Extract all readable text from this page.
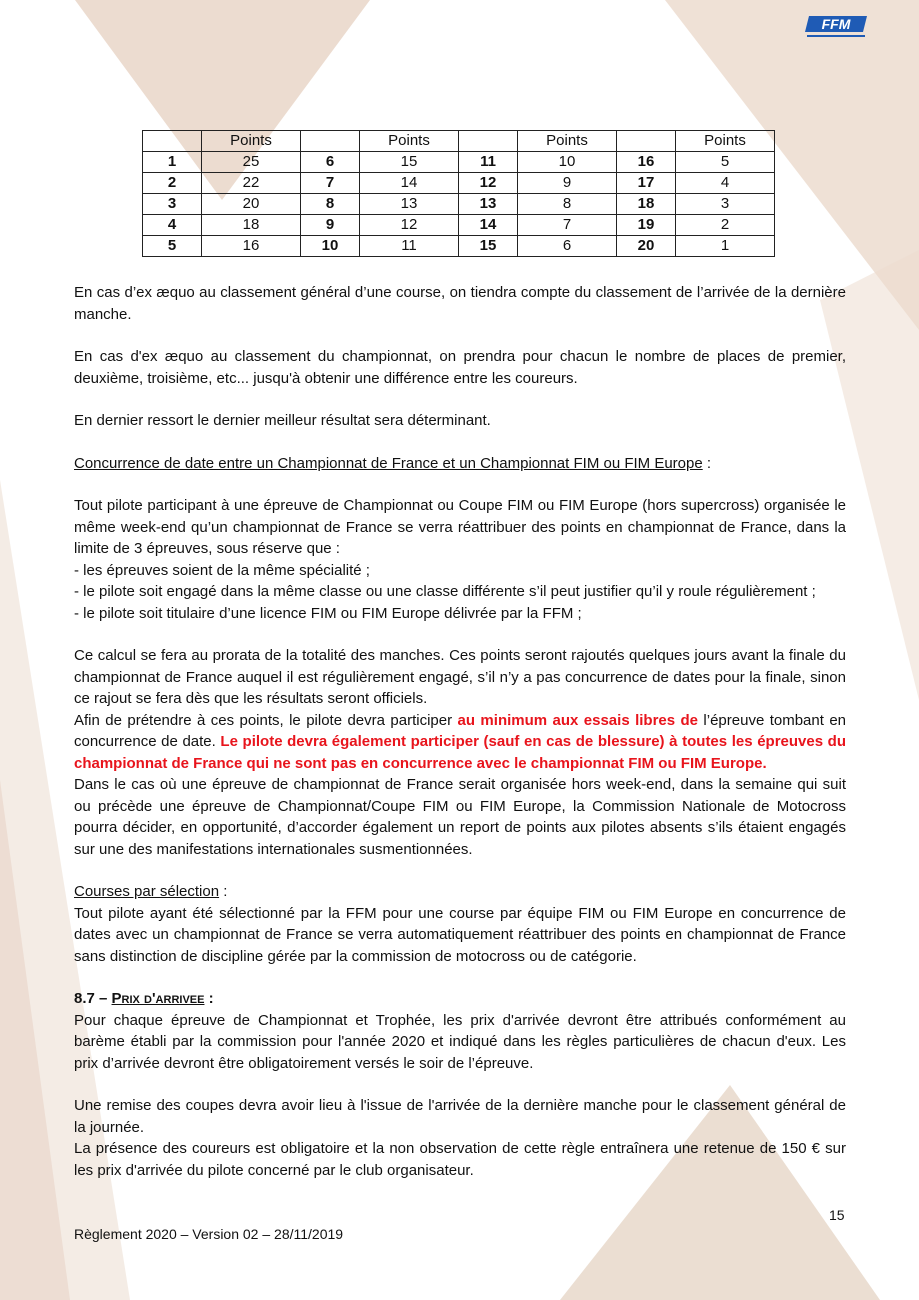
FFM
	Points		Points		Points		Points
1	25	6	15	11	10	16	5
2	22	7	14	12	9	17	4
3	20	8	13	13	8	18	3
4	18	9	12	14	7	19	2
5	16	10	11	15	6	20	1

En cas d’ex æquo au classement général d’une course, on tiendra compte du classement de l’arrivée de la dernière manche.

En cas d'ex æquo au classement du championnat, on prendra pour chacun le nombre de places de premier, deuxième, troisième, etc... jusqu'à obtenir une différence entre les coureurs.

En dernier ressort le dernier meilleur résultat sera déterminant.

Concurrence de date entre un Championnat de France et un Championnat FIM ou FIM Europe :

Tout pilote participant à une épreuve de Championnat ou Coupe FIM ou FIM Europe (hors supercross) organisée le même week-end qu’un championnat de France se verra réattribuer des points en championnat de France, dans la limite de 3 épreuves, sous réserve que :

- les épreuves soient de la même spécialité ;

- le pilote soit engagé dans la même classe ou une classe différente s’il peut justifier qu’il y roule régulièrement ;

- le pilote soit titulaire d’une licence FIM ou FIM Europe délivrée par la FFM ;

Ce calcul se fera au prorata de la totalité des manches. Ces points seront rajoutés quelques jours avant la finale du championnat de France auquel il est régulièrement engagé, s’il n’y a pas concurrence de dates pour la finale, sinon ce rajout se fera dès que les résultats seront officiels.

Afin de prétendre à ces points, le pilote devra participer au minimum aux essais libres de l’épreuve tombant en concurrence de date. Le pilote devra également participer (sauf en cas de blessure) à toutes les épreuves du championnat de France qui ne sont pas en concurrence avec le championnat FIM ou FIM Europe.

Dans le cas où une épreuve de championnat de France serait organisée hors week-end, dans la semaine qui suit ou précède une épreuve de Championnat/Coupe FIM ou FIM Europe, la Commission Nationale de Motocross pourra décider, en opportunité, d’accorder également un report de points aux pilotes absents s’ils étaient engagés sur une des manifestations internationales susmentionnées.

Courses par sélection :

Tout pilote ayant été sélectionné par la FFM pour une course par équipe FIM ou FIM Europe en concurrence de dates avec un championnat de France se verra automatiquement réattribuer des points en championnat de France sans distinction de discipline gérée par la commission de motocross ou de catégorie.

8.7 – Prix d'arrivee :

Pour chaque épreuve de Championnat et Trophée, les prix d'arrivée devront être attribués conformément au barème établi par la commission pour l'année 2020 et indiqué dans les règles particulières de chacun d'eux. Les prix d’arrivée devront être obligatoirement versés le soir de l’épreuve.

Une remise des coupes devra avoir lieu à l'issue de l'arrivée de la dernière manche pour le classement général de la journée.

La présence des coureurs est obligatoire et la non observation de cette règle entraînera une retenue de 150 € sur les prix d'arrivée du pilote concerné par le club organisateur.

15
Règlement 2020 – Version 02 – 28/11/2019
